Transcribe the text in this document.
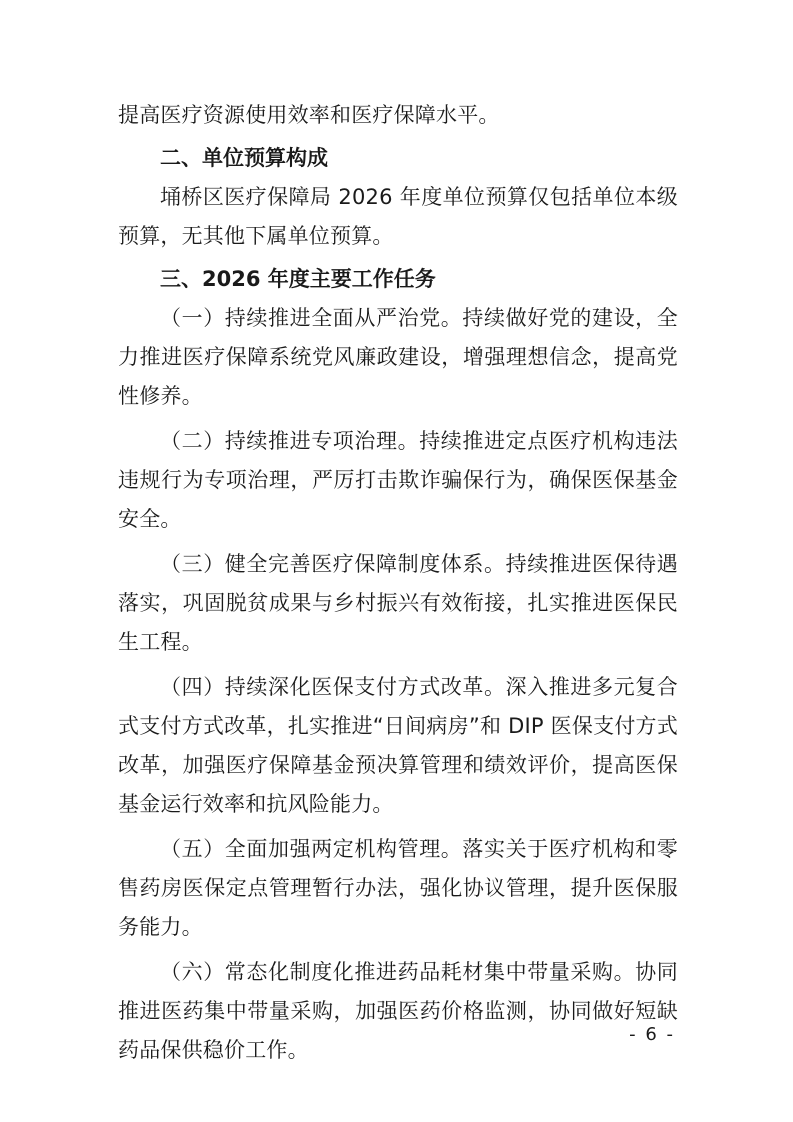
提高医疗资源使用效率和医疗保障水平。

二、单位预算构成

埇桥区医疗保障局 2026 年度单位预算仅包括单位本级预算，无其他下属单位预算。

三、2026 年度主要工作任务

（一）持续推进全面从严治党。持续做好党的建设，全力推进医疗保障系统党风廉政建设，增强理想信念，提高党性修养。

（二）持续推进专项治理。持续推进定点医疗机构违法违规行为专项治理，严厉打击欺诈骗保行为，确保医保基金安全。

（三）健全完善医疗保障制度体系。持续推进医保待遇落实，巩固脱贫成果与乡村振兴有效衔接，扎实推进医保民生工程。

（四）持续深化医保支付方式改革。深入推进多元复合式支付方式改革，扎实推进“日间病房”和 DIP 医保支付方式改革，加强医疗保障基金预决算管理和绩效评价，提高医保基金运行效率和抗风险能力。

（五）全面加强两定机构管理。落实关于医疗机构和零售药房医保定点管理暂行办法，强化协议管理，提升医保服务能力。

（六）常态化制度化推进药品耗材集中带量采购。协同推进医药集中带量采购，加强医药价格监测，协同做好短缺药品保供稳价工作。

- 6 -
